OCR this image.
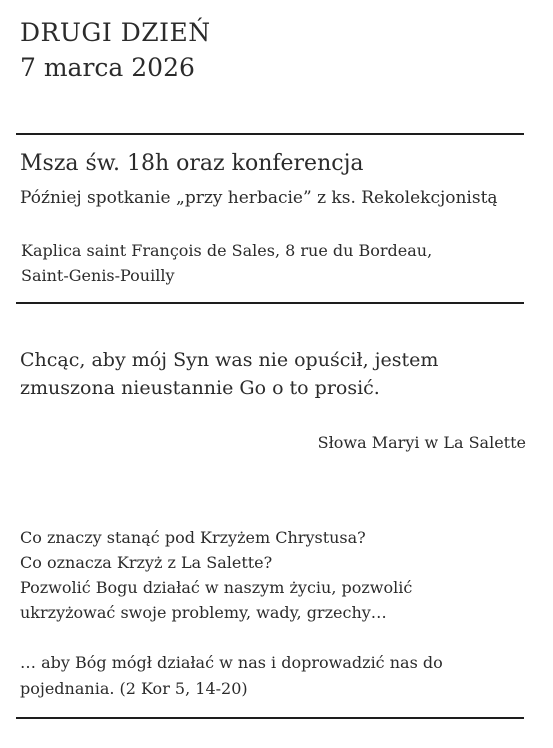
DRUGI DZIEŃ
7 marca 2026
Msza św. 18h oraz konferencja
Później spotkanie „przy herbacie” z ks. Rekolekcjonistą
Kaplica saint François de Sales, 8 rue du Bordeau,
Saint-Genis-Pouilly
Chcąc, aby mój Syn was nie opuścił, jestem
zmuszona nieustannie Go o to prosić.
Słowa Maryi w La Salette
Co znaczy stanąć pod Krzyżem Chrystusa?
Co oznacza Krzyż z La Salette?
Pozwolić Bogu działać w naszym życiu, pozwolić
ukrzyżować swoje problemy, wady, grzechy…
… aby Bóg mógł działać w nas i doprowadzić nas do
pojednania. (2 Kor 5, 14-20)
